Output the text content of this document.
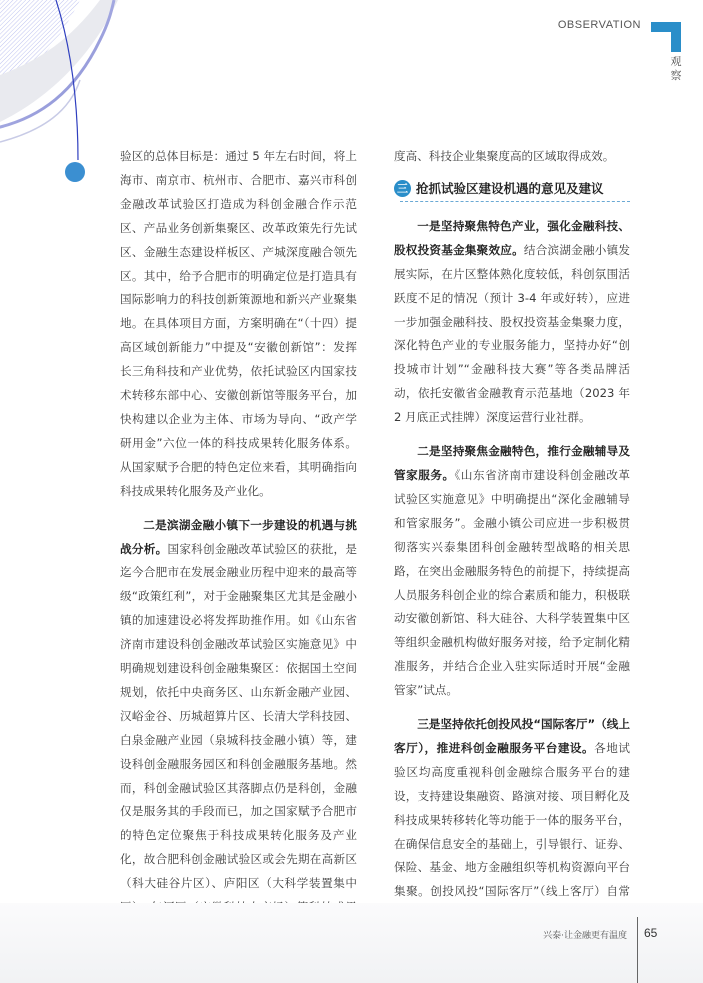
OBSERVATION
观察

验区的总体目标是：通过 5 年左右时间，将上海市、南京市、杭州市、合肥市、嘉兴市科创金融改革试验区打造成为科创金融合作示范区、产品业务创新集聚区、改革政策先行先试区、金融生态建设样板区、产城深度融合领先区。其中，给予合肥市的明确定位是打造具有国际影响力的科技创新策源地和新兴产业聚集地。在具体项目方面，方案明确在“（十四）提高区域创新能力”中提及“安徽创新馆”：发挥长三角科技和产业优势，依托试验区内国家技术转移东部中心、安徽创新馆等服务平台，加快构建以企业为主体、市场为导向、“政产学研用金”六位一体的科技成果转化服务体系。从国家赋予合肥的特色定位来看，其明确指向科技成果转化服务及产业化。

二是滨湖金融小镇下一步建设的机遇与挑战分析。国家科创金融改革试验区的获批，是迄今合肥市在发展金融业历程中迎来的最高等级“政策红利”，对于金融聚集区尤其是金融小镇的加速建设必将发挥助推作用。如《山东省济南市建设科创金融改革试验区实施意见》中明确规划建设科创金融集聚区：依据国土空间规划，依托中央商务区、山东新金融产业园、汉峪金谷、历城超算片区、长清大学科技园、白泉金融产业园（泉城科技金融小镇）等，建设科创金融服务园区和科创金融服务基地。然而，科创金融试验区其落脚点仍是科创，金融仅是服务其的手段而已，加之国家赋予合肥市的特色定位聚焦于科技成果转化服务及产业化，故合肥科创金融试验区或会先期在高新区（科大硅谷片区）、庐阳区（大科学装置集中

度高、科技企业集聚度高的区域取得成效。

三 抢抓试验区建设机遇的意见及建议

一是坚持聚焦特色产业，强化金融科技、股权投资基金集聚效应。结合滨湖金融小镇发展实际，在片区整体熟化度较低，科创氛围活跃度不足的情况（预计 3-4 年或好转），应进一步加强金融科技、股权投资基金集聚力度，深化特色产业的专业服务能力，坚持办好“创投城市计划”“金融科技大赛”等各类品牌活动，依托安徽省金融教育示范基地（2023 年 2 月底正式挂牌）深度运营行业社群。

二是坚持聚焦金融特色，推行金融辅导及管家服务。《山东省济南市建设科创金融改革试验区实施意见》中明确提出“深化金融辅导和管家服务”。金融小镇公司应进一步积极贯彻落实兴泰集团科创金融转型战略的相关思路，在突出金融服务特色的前提下，持续提高人员服务科创企业的综合素质和能力，积极联动安徽创新馆、科大硅谷、大科学装置集中区等组织金融机构做好服务对接，给予定制化精准服务，并结合企业入驻实际适时开展“金融管家”试点。

三是坚持依托创投风投“国际客厅”（线上客厅），推进科创金融服务平台建设。各地试验区均高度重视科创金融综合服务平台的建设，支持建设集融资、路演对接、项目孵化及科技成果转移转化等功能于一体的服务平台，在确保信息安全的基础上，引导银行、证券、保险、基金、地方金融组织等机构资源向平台集聚。创投风投“国际客厅”（线上客厅）自常

兴泰·让金融更有温度 65
